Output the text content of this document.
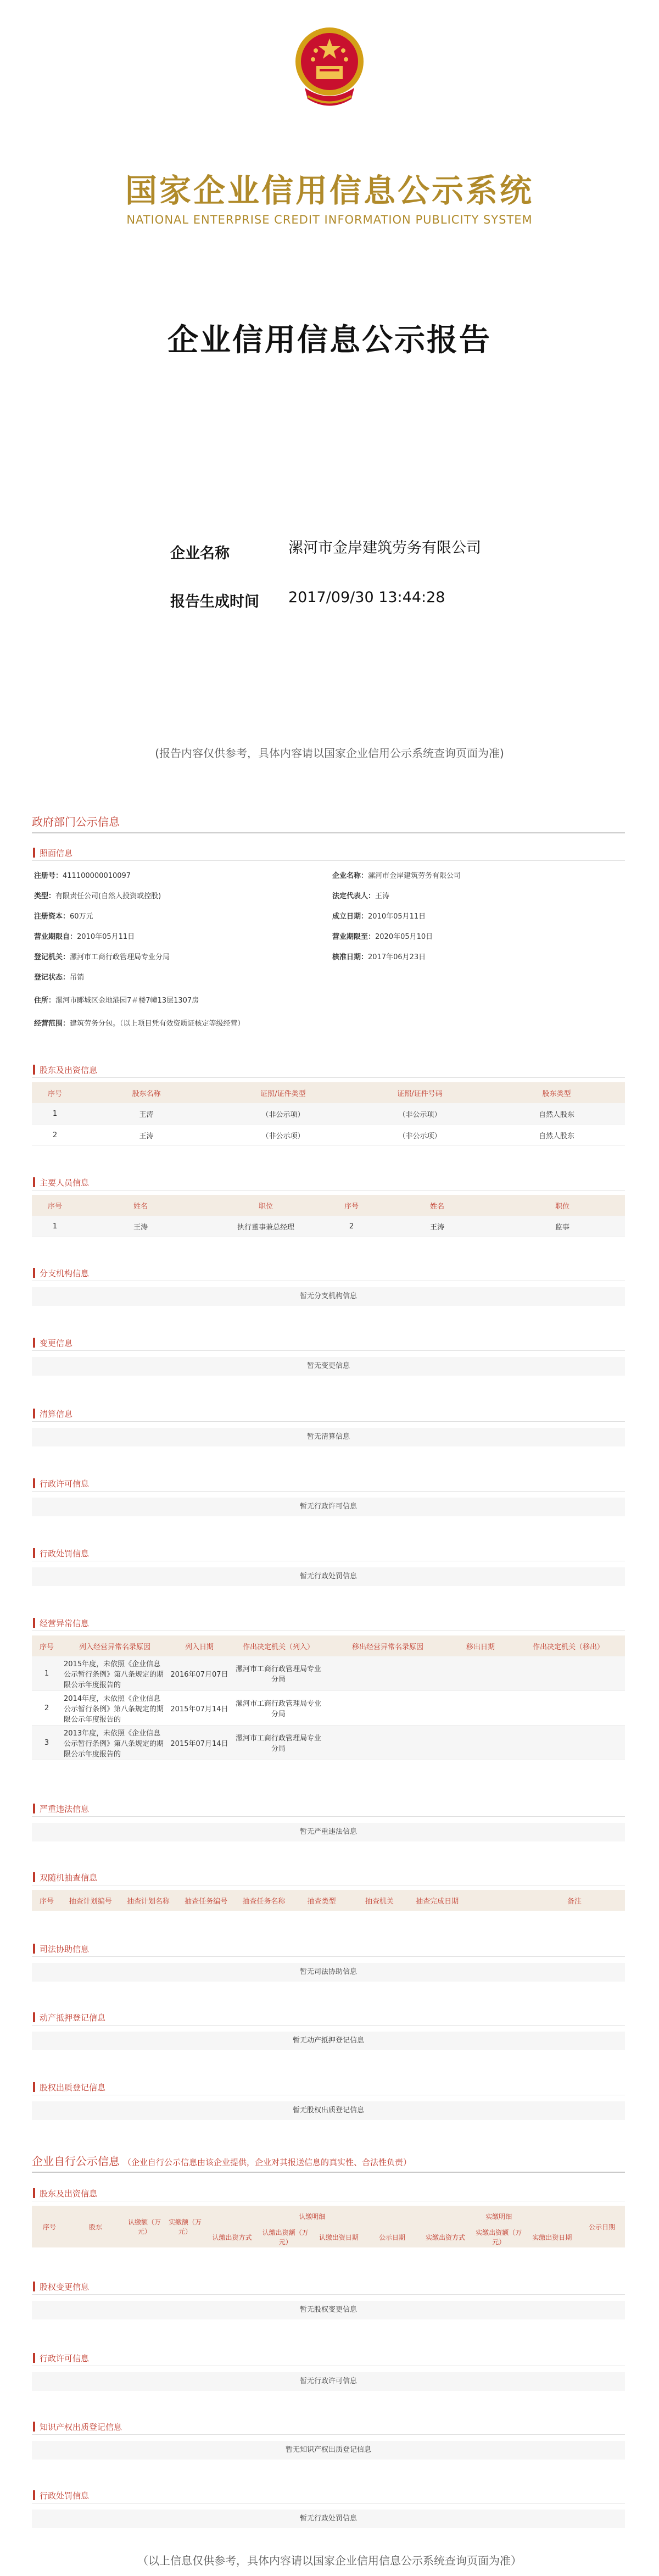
国家企业信用信息公示系统
NATIONAL ENTERPRISE CREDIT INFORMATION PUBLICITY SYSTEM
企业信用信息公示报告
企业名称	漯河市金岸建筑劳务有限公司
报告生成时间	2017/09/30 13:44:28
(报告内容仅供参考，具体内容请以国家企业信用公示系统查询页面为准)
政府部门公示信息
照面信息
注册号：411100000010097	企业名称：漯河市金岸建筑劳务有限公司
类型：有限责任公司(自然人投资或控股)	法定代表人：王涛
注册资本：60万元	成立日期：2010年05月11日
营业期限自：2010年05月11日	营业期限至：2020年05月10日
登记机关：漯河市工商行政管理局专业分局	核准日期：2017年06月23日
登记状态：吊销
住所：漯河市郾城区金地港园7＃楼7幢13层1307房
经营范围：建筑劳务分包。（以上项目凭有效资质证核定等级经营）
股东及出资信息
序号	股东名称	证照/证件类型	证照/证件号码	股东类型
1	王涛	（非公示项）	（非公示项）	自然人股东
2	王涛	（非公示项）	（非公示项）	自然人股东
主要人员信息
序号	姓名	职位	序号	姓名	职位
1	王涛	执行董事兼总经理	2	王涛	监事
分支机构信息
暂无分支机构信息
变更信息
暂无变更信息
清算信息
暂无清算信息
行政许可信息
暂无行政许可信息
行政处罚信息
暂无行政处罚信息
经营异常信息
序号	列入经营异常名录原因	列入日期	作出决定机关（列入）	移出经营异常名录原因	移出日期	作出决定机关（移出）
1	2015年度，未依照《企业信息公示暂行条例》第八条规定的期限公示年度报告的	2016年07月07日	漯河市工商行政管理局专业分局			
2	2014年度，未依照《企业信息公示暂行条例》第八条规定的期限公示年度报告的	2015年07月14日	漯河市工商行政管理局专业分局			
3	2013年度，未依照《企业信息公示暂行条例》第八条规定的期限公示年度报告的	2015年07月14日	漯河市工商行政管理局专业分局			
严重违法信息
暂无严重违法信息
双随机抽查信息
序号	抽查计划编号	抽查计划名称	抽查任务编号	抽查任务名称	抽查类型	抽查机关	抽查完成日期		备注
司法协助信息
暂无司法协助信息
动产抵押登记信息
暂无动产抵押登记信息
股权出质登记信息
暂无股权出质登记信息
企业自行公示信息 （企业自行公示信息由该企业提供，企业对其报送信息的真实性、合法性负责）
股东及出资信息
序号	股东	认缴额（万元）	实缴额（万元）	认缴明细				实缴明细			公示日期
				认缴出资方式	认缴出资额（万元）	认缴出资日期	公示日期	实缴出资方式	实缴出资额（万元）	实缴出资日期	
股权变更信息
暂无股权变更信息
行政许可信息
暂无行政许可信息
知识产权出质登记信息
暂无知识产权出质登记信息
行政处罚信息
暂无行政处罚信息
（以上信息仅供参考，具体内容请以国家企业信用信息公示系统查询页面为准）
